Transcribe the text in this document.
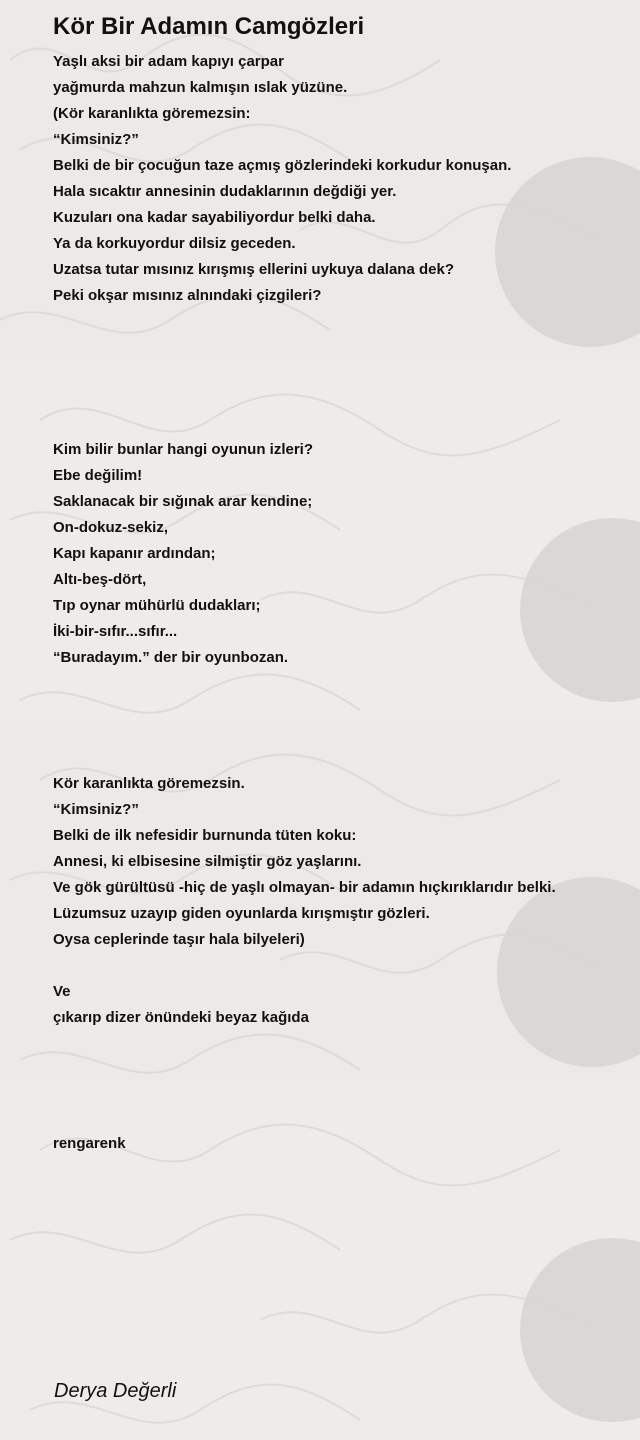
Kör Bir Adamın Camgözleri
Yaşlı aksi bir adam kapıyı çarpar
yağmurda mahzun kalmışın ıslak yüzüne.
(Kör karanlıkta göremezsin:
“Kimsiniz?”
Belki de bir çocuğun taze açmış gözlerindeki korkudur konuşan.
Hala sıcaktır annesinin dudaklarının değdiği yer.
Kuzuları ona kadar sayabiliyordur belki daha.
Ya da korkuyordur dilsiz geceden.
Uzatsa tutar mısınız kırışmış ellerini uykuya dalana dek?
Peki okşar mısınız alnındaki çizgileri?
Kim bilir bunlar hangi oyunun izleri?
Ebe değilim!
Saklanacak bir sığınak arar kendine;
On-dokuz-sekiz,
Kapı kapanır ardından;
Altı-beş-dört,
Tıp oynar mühürlü dudakları;
İki-bir-sıfır...sıfır...
“Buradayım.” der bir oyunbozan.
Kör karanlıkta göremezsin.
“Kimsiniz?”
Belki de ilk nefesidir burnunda tüten koku:
Annesi, ki elbisesine silmiştir göz yaşlarını.
Ve gök gürültüsü -hiç de yaşlı olmayan- bir adamın hıçkırıklarıdır belki.
Lüzumsuz uzayıp giden oyunlarda kırışmıştır gözleri.
Oysa ceplerinde taşır hala bilyeleri)
Ve
çıkarıp dizer önündeki beyaz kağıda
rengarenk
Derya Değerli
